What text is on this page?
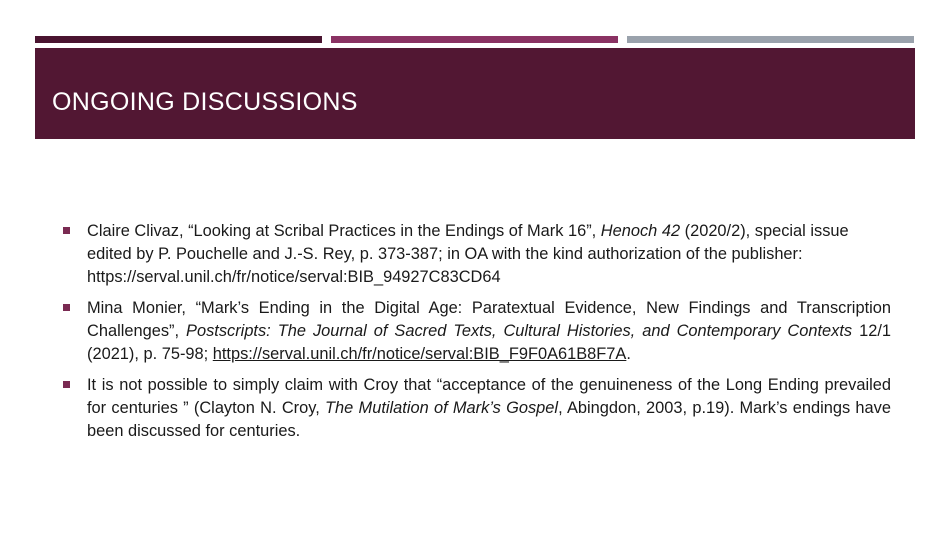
ONGOING DISCUSSIONS

Claire Clivaz, “Looking at Scribal Practices in the Endings of Mark 16”, Henoch 42 (2020/2), special issue edited by P. Pouchelle and J.-S. Rey, p. 373-387; in OA with the kind authorization of the publisher: https://serval.unil.ch/fr/notice/serval:BIB_94927C83CD64

Mina Monier, “Mark’s Ending in the Digital Age: Paratextual Evidence, New Findings and Transcription Challenges”, Postscripts: The Journal of Sacred Texts, Cultural Histories, and Contemporary Contexts 12/1 (2021), p. 75-98; https://serval.unil.ch/fr/notice/serval:BIB_F9F0A61B8F7A.

It is not possible to simply claim with Croy that “acceptance of the genuineness of the Long Ending prevailed for centuries ” (Clayton N. Croy, The Mutilation of Mark’s Gospel, Abingdon, 2003, p.19). Mark’s endings have been discussed for centuries.
